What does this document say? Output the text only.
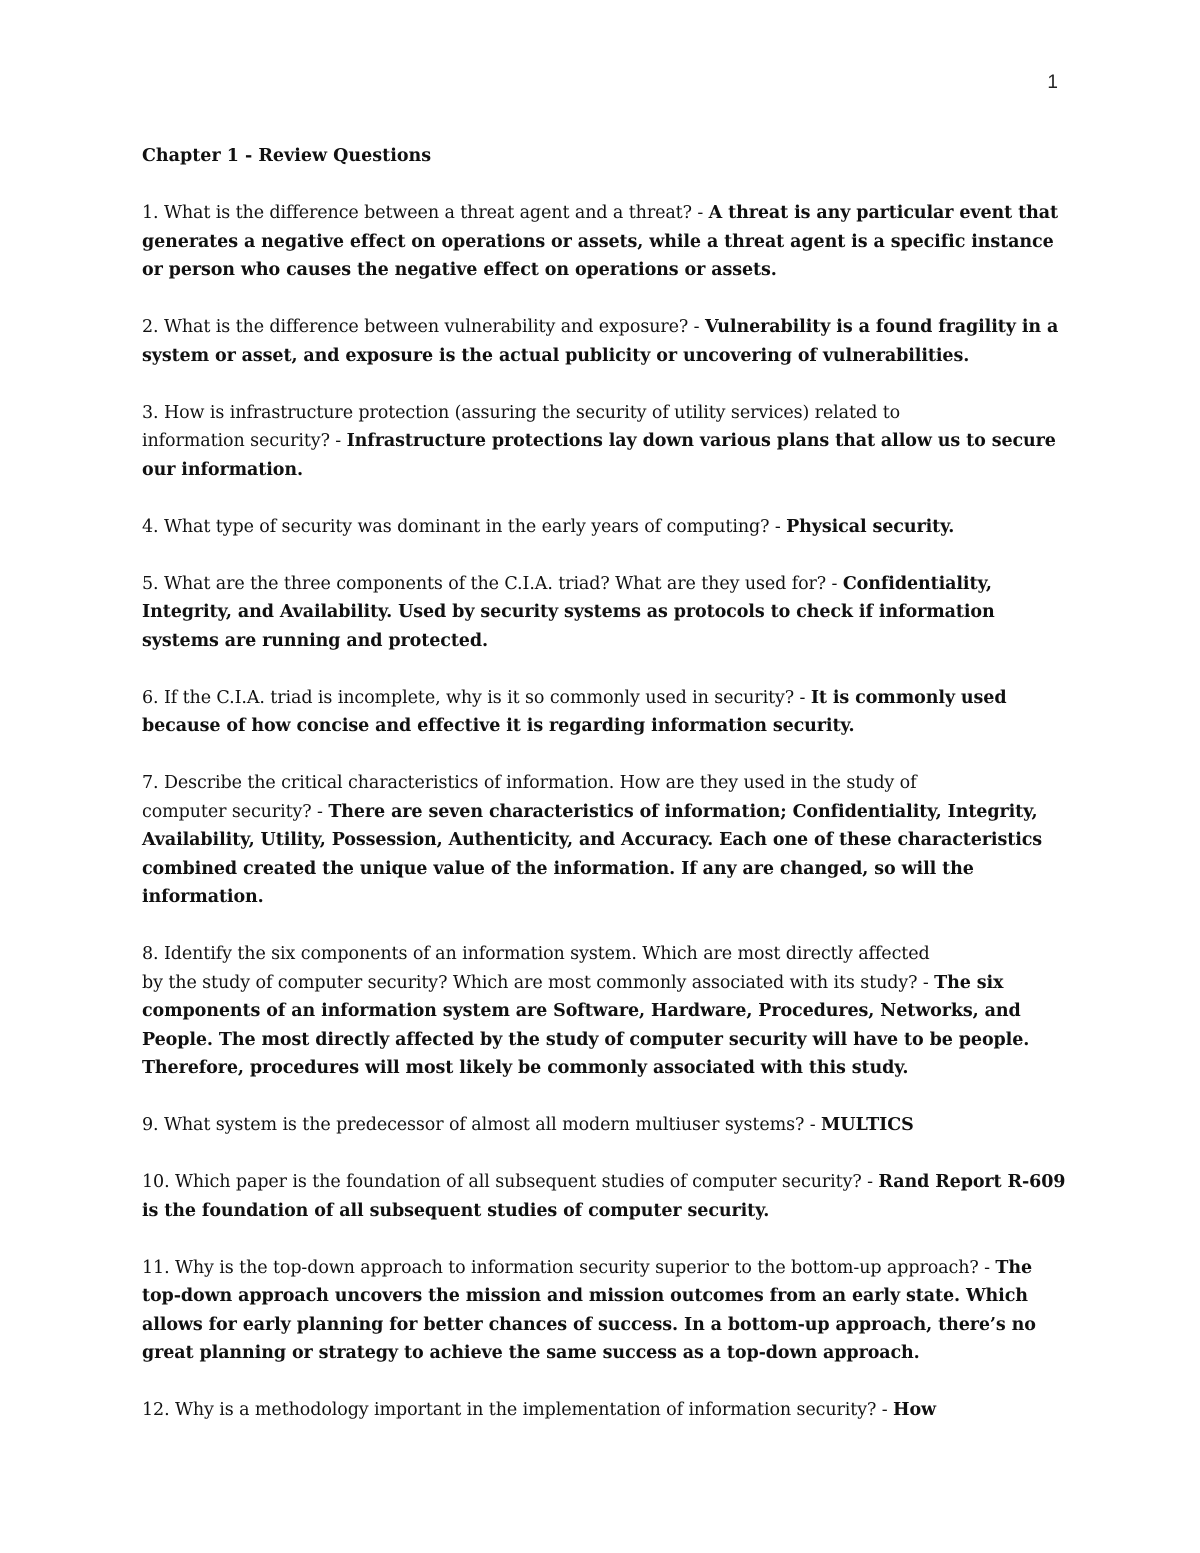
1
Chapter 1 - Review Questions

1. What is the difference between a threat agent and a threat? - A threat is any particular event that generates a negative effect on operations or assets, while a threat agent is a specific instance or person who causes the negative effect on operations or assets.

2. What is the difference between vulnerability and exposure? - Vulnerability is a found fragility in a system or asset, and exposure is the actual publicity or uncovering of vulnerabilities.

3. How is infrastructure protection (assuring the security of utility services) related to
information security? - Infrastructure protections lay down various plans that allow us to secure our information.

4. What type of security was dominant in the early years of computing? - Physical security.

5. What are the three components of the C.I.A. triad? What are they used for? - Confidentiality, Integrity, and Availability. Used by security systems as protocols to check if information systems are running and protected.

6. If the C.I.A. triad is incomplete, why is it so commonly used in security? - It is commonly used because of how concise and effective it is regarding information security.

7. Describe the critical characteristics of information. How are they used in the study of
computer security? - There are seven characteristics of information; Confidentiality, Integrity, Availability, Utility, Possession, Authenticity, and Accuracy. Each one of these characteristics combined created the unique value of the information. If any are changed, so will the information.

8. Identify the six components of an information system. Which are most directly affected
by the study of computer security? Which are most commonly associated with its study? - The six components of an information system are Software, Hardware, Procedures, Networks, and People. The most directly affected by the study of computer security will have to be people. Therefore, procedures will most likely be commonly associated with this study.

9. What system is the predecessor of almost all modern multiuser systems? - MULTICS

10. Which paper is the foundation of all subsequent studies of computer security? - Rand Report R-609 is the foundation of all subsequent studies of computer security.

11. Why is the top-down approach to information security superior to the bottom-up approach? - The top-down approach uncovers the mission and mission outcomes from an early state. Which allows for early planning for better chances of success. In a bottom-up approach, there’s no great planning or strategy to achieve the same success as a top-down approach.

12. Why is a methodology important in the implementation of information security? - How
